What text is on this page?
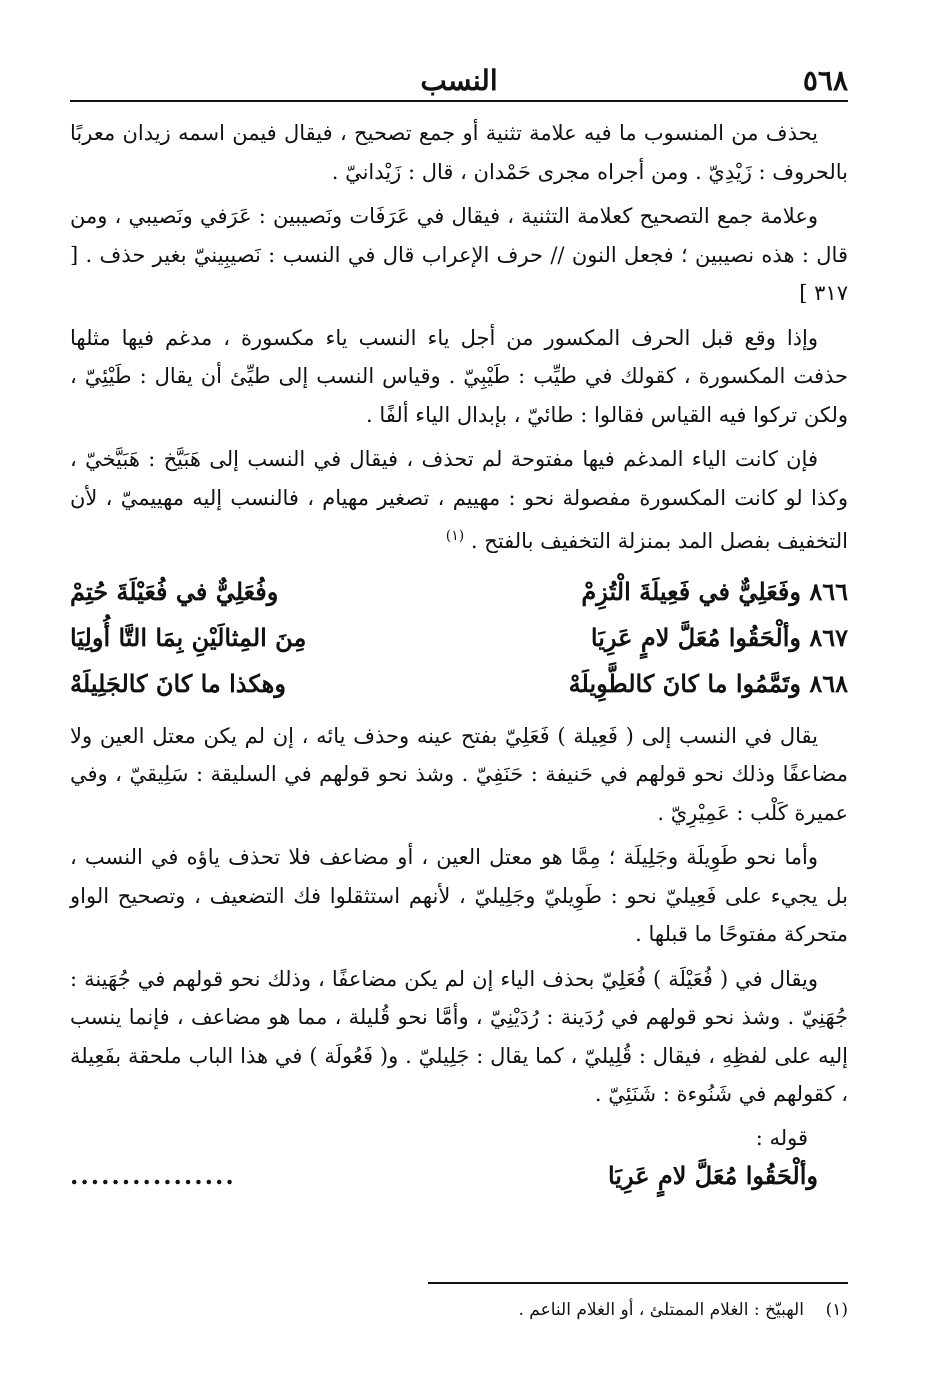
٥٦٨
النسب

يحذف من المنسوب ما فيه علامة تثنية أو جمع تصحيح ، فيقال فيمن اسمه زيدان معربًا بالحروف : زَيْدِيّ . ومن أجراه مجرى حَمْدان ، قال : زَيْدانيّ .

وعلامة جمع التصحيح كعلامة التثنية ، فيقال في عَرَفَات ونَصيبين : عَرَفي ونَصيبي ، ومن قال : هذه نصيبين ؛ فجعل النون // حرف الإعراب قال في النسب : نَصيبِينيّ بغير حذف . [ ٣١٧ ]

وإذا وقع قبل الحرف المكسور من أجل ياء النسب ياء مكسورة ، مدغم فيها مثلها حذفت المكسورة ، كقولك في طيِّب : طَيْبِيّ . وقياس النسب إلى طيِّئ أن يقال : طَيْئِيّ ، ولكن تركوا فيه القياس فقالوا : طائيّ ، بإبدال الياء ألفًا .

فإن كانت الياء المدغم فيها مفتوحة لم تحذف ، فيقال في النسب إلى هَبَيَّخ : هَبَيَّخيّ ، وكذا لو كانت المكسورة مفصولة نحو : مهييم ، تصغير مهيام ، فالنسب إليه مهييميّ ، لأن التخفيف بفصل المد بمنزلة التخفيف بالفتح . $^{(١)}$

٨٦٦ وفَعَلِيٌّ في فَعِيلَةَ الْتُزِمْ
وفُعَلِيٌّ في فُعَيْلَةَ حُتِمْ
٨٦٧ وألْحَقُوا مُعَلَّ لامٍ عَرِيَا
مِنَ المِثالَيْنِ بِمَا التَّا أُولِيَا
٨٦٨ وتَمَّمُوا ما كانَ كالطَّوِيلَهْ
وهكذا ما كانَ كالجَلِيلَهْ

يقال في النسب إلى ( فَعِيلة ) فَعَلِيّ بفتح عينه وحذف يائه ، إن لم يكن معتل العين ولا مضاعفًا وذلك نحو قولهم في حَنيفة : حَنَفِيّ . وشذ نحو قولهم في السليقة : سَلِيقيّ ، وفي عميرة كَلْب : عَمِيْرِيّ .

وأما نحو طَوِيلَة وجَلِيلَة ؛ مِمَّا هو معتل العين ، أو مضاعف فلا تحذف ياؤه في النسب ، بل يجيء على فَعِيليّ نحو : طَوِيليّ وجَلِيليّ ، لأنهم استثقلوا فك التضعيف ، وتصحيح الواو متحركة مفتوحًا ما قبلها .

ويقال في ( فُعَيْلَة ) فُعَلِيّ بحذف الياء إن لم يكن مضاعفًا ، وذلك نحو قولهم في جُهَينة : جُهَنِيّ . وشذ نحو قولهم في رُدَينة : رُدَيْنِيّ ، وأمَّا نحو قُليلة ، مما هو مضاعف ، فإنما ينسب إليه على لفظِهِ ، فيقال : قُلِيليّ ، كما يقال : جَلِيليّ . و( فَعُولَة ) في هذا الباب ملحقة بفَعِيلة ، كقولهم في شَنُوءة : شَنَئِيّ .

قوله :
وألْحَقُوا مُعَلَّ لامٍ عَرِيَا
................
(١)    الهبيّخ : الغلام الممتلئ ، أو الغلام الناعم .
